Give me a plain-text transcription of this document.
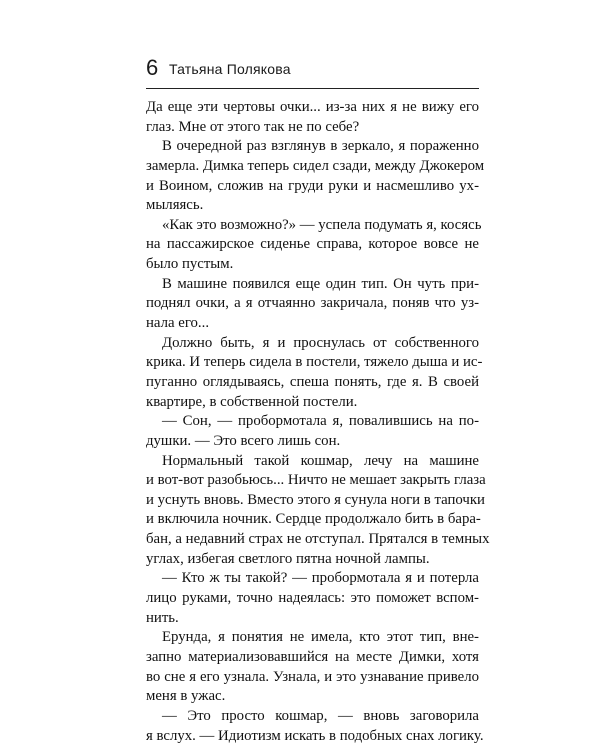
6 Татьяна Полякова
Да еще эти чертовы очки... из-за них я не вижу его
глаз. Мне от этого так не по себе?
В очередной раз взглянув в зеркало, я пораженно
замерла. Димка теперь сидел сзади, между Джокером
и Воином, сложив на груди руки и насмешливо ух-
мыляясь.
«Как это возможно?» — успела подумать я, косясь
на пассажирское сиденье справа, которое вовсе не
было пустым.
В машине появился еще один тип. Он чуть при-
поднял очки, а я отчаянно закричала, поняв что уз-
нала его...
Должно быть, я и проснулась от собственного
крика. И теперь сидела в постели, тяжело дыша и ис-
пуганно оглядываясь, спеша понять, где я. В своей
квартире, в собственной постели.
— Сон, — пробормотала я, повалившись на по-
душки. — Это всего лишь сон.
Нормальный такой кошмар, лечу на машине
и вот-вот разобьюсь... Ничто не мешает закрыть глаза
и уснуть вновь. Вместо этого я сунула ноги в тапочки
и включила ночник. Сердце продолжало бить в бара-
бан, а недавний страх не отступал. Прятался в темных
углах, избегая светлого пятна ночной лампы.
— Кто ж ты такой? — пробормотала я и потерла
лицо руками, точно надеялась: это поможет вспом-
нить.
Ерунда, я понятия не имела, кто этот тип, вне-
запно материализовавшийся на месте Димки, хотя
во сне я его узнала. Узнала, и это узнавание привело
меня в ужас.
— Это просто кошмар, — вновь заговорила
я вслух. — Идиотизм искать в подобных снах логику.
